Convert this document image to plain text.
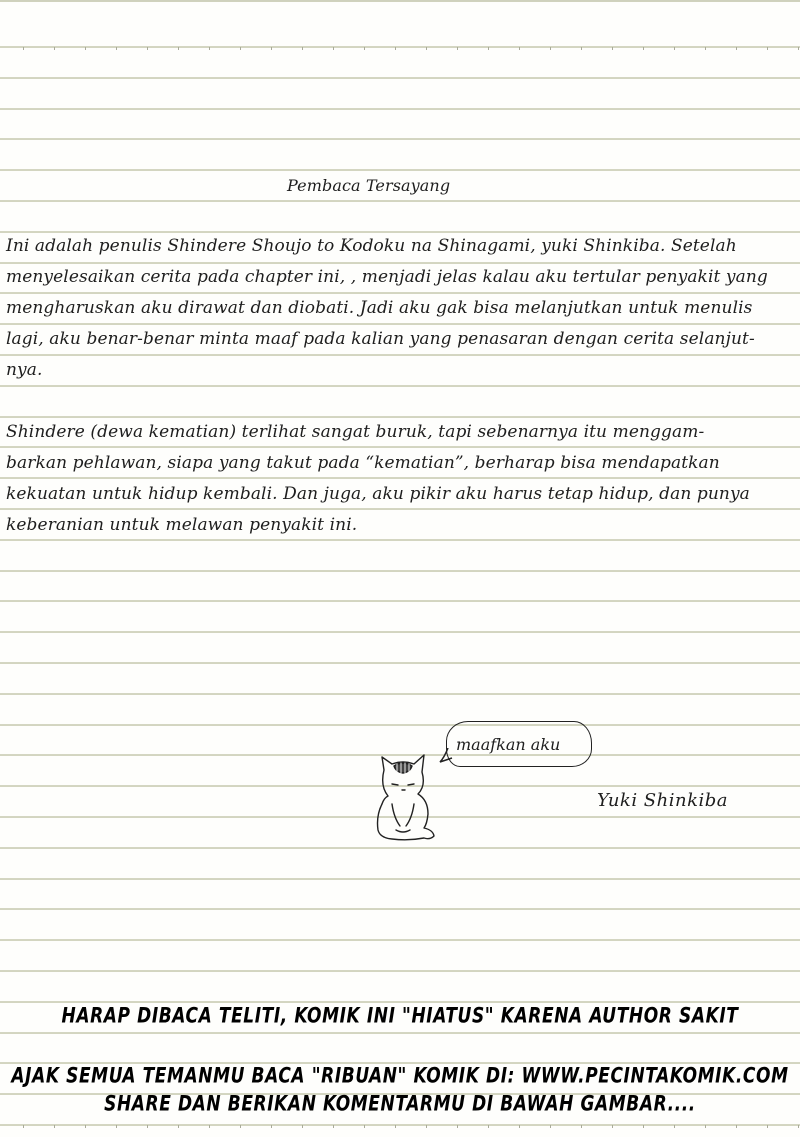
Pembaca Tersayang
Ini adalah penulis Shindere Shoujo to Kodoku na Shinagami, yuki Shinkiba. Setelah
menyelesaikan cerita pada chapter ini, , menjadi jelas kalau aku tertular penyakit yang
mengharuskan aku dirawat dan diobati. Jadi aku gak bisa melanjutkan untuk menulis
lagi, aku benar-benar minta maaf pada kalian yang penasaran dengan cerita selanjut-
nya.
Shindere (dewa kematian) terlihat sangat buruk, tapi sebenarnya itu menggam-
barkan pehlawan, siapa yang takut pada “kematian”, berharap bisa mendapatkan
kekuatan untuk hidup kembali. Dan juga, aku pikir aku harus tetap hidup, dan punya
keberanian untuk melawan penyakit ini.
maafkan aku
Yuki Shinkiba
HARAP DIBACA TELITI, KOMIK INI "HIATUS" KARENA AUTHOR SAKIT
AJAK SEMUA TEMANMU BACA "RIBUAN" KOMIK DI: WWW.PECINTAKOMIK.COM
SHARE DAN BERIKAN KOMENTARMU DI BAWAH GAMBAR....
